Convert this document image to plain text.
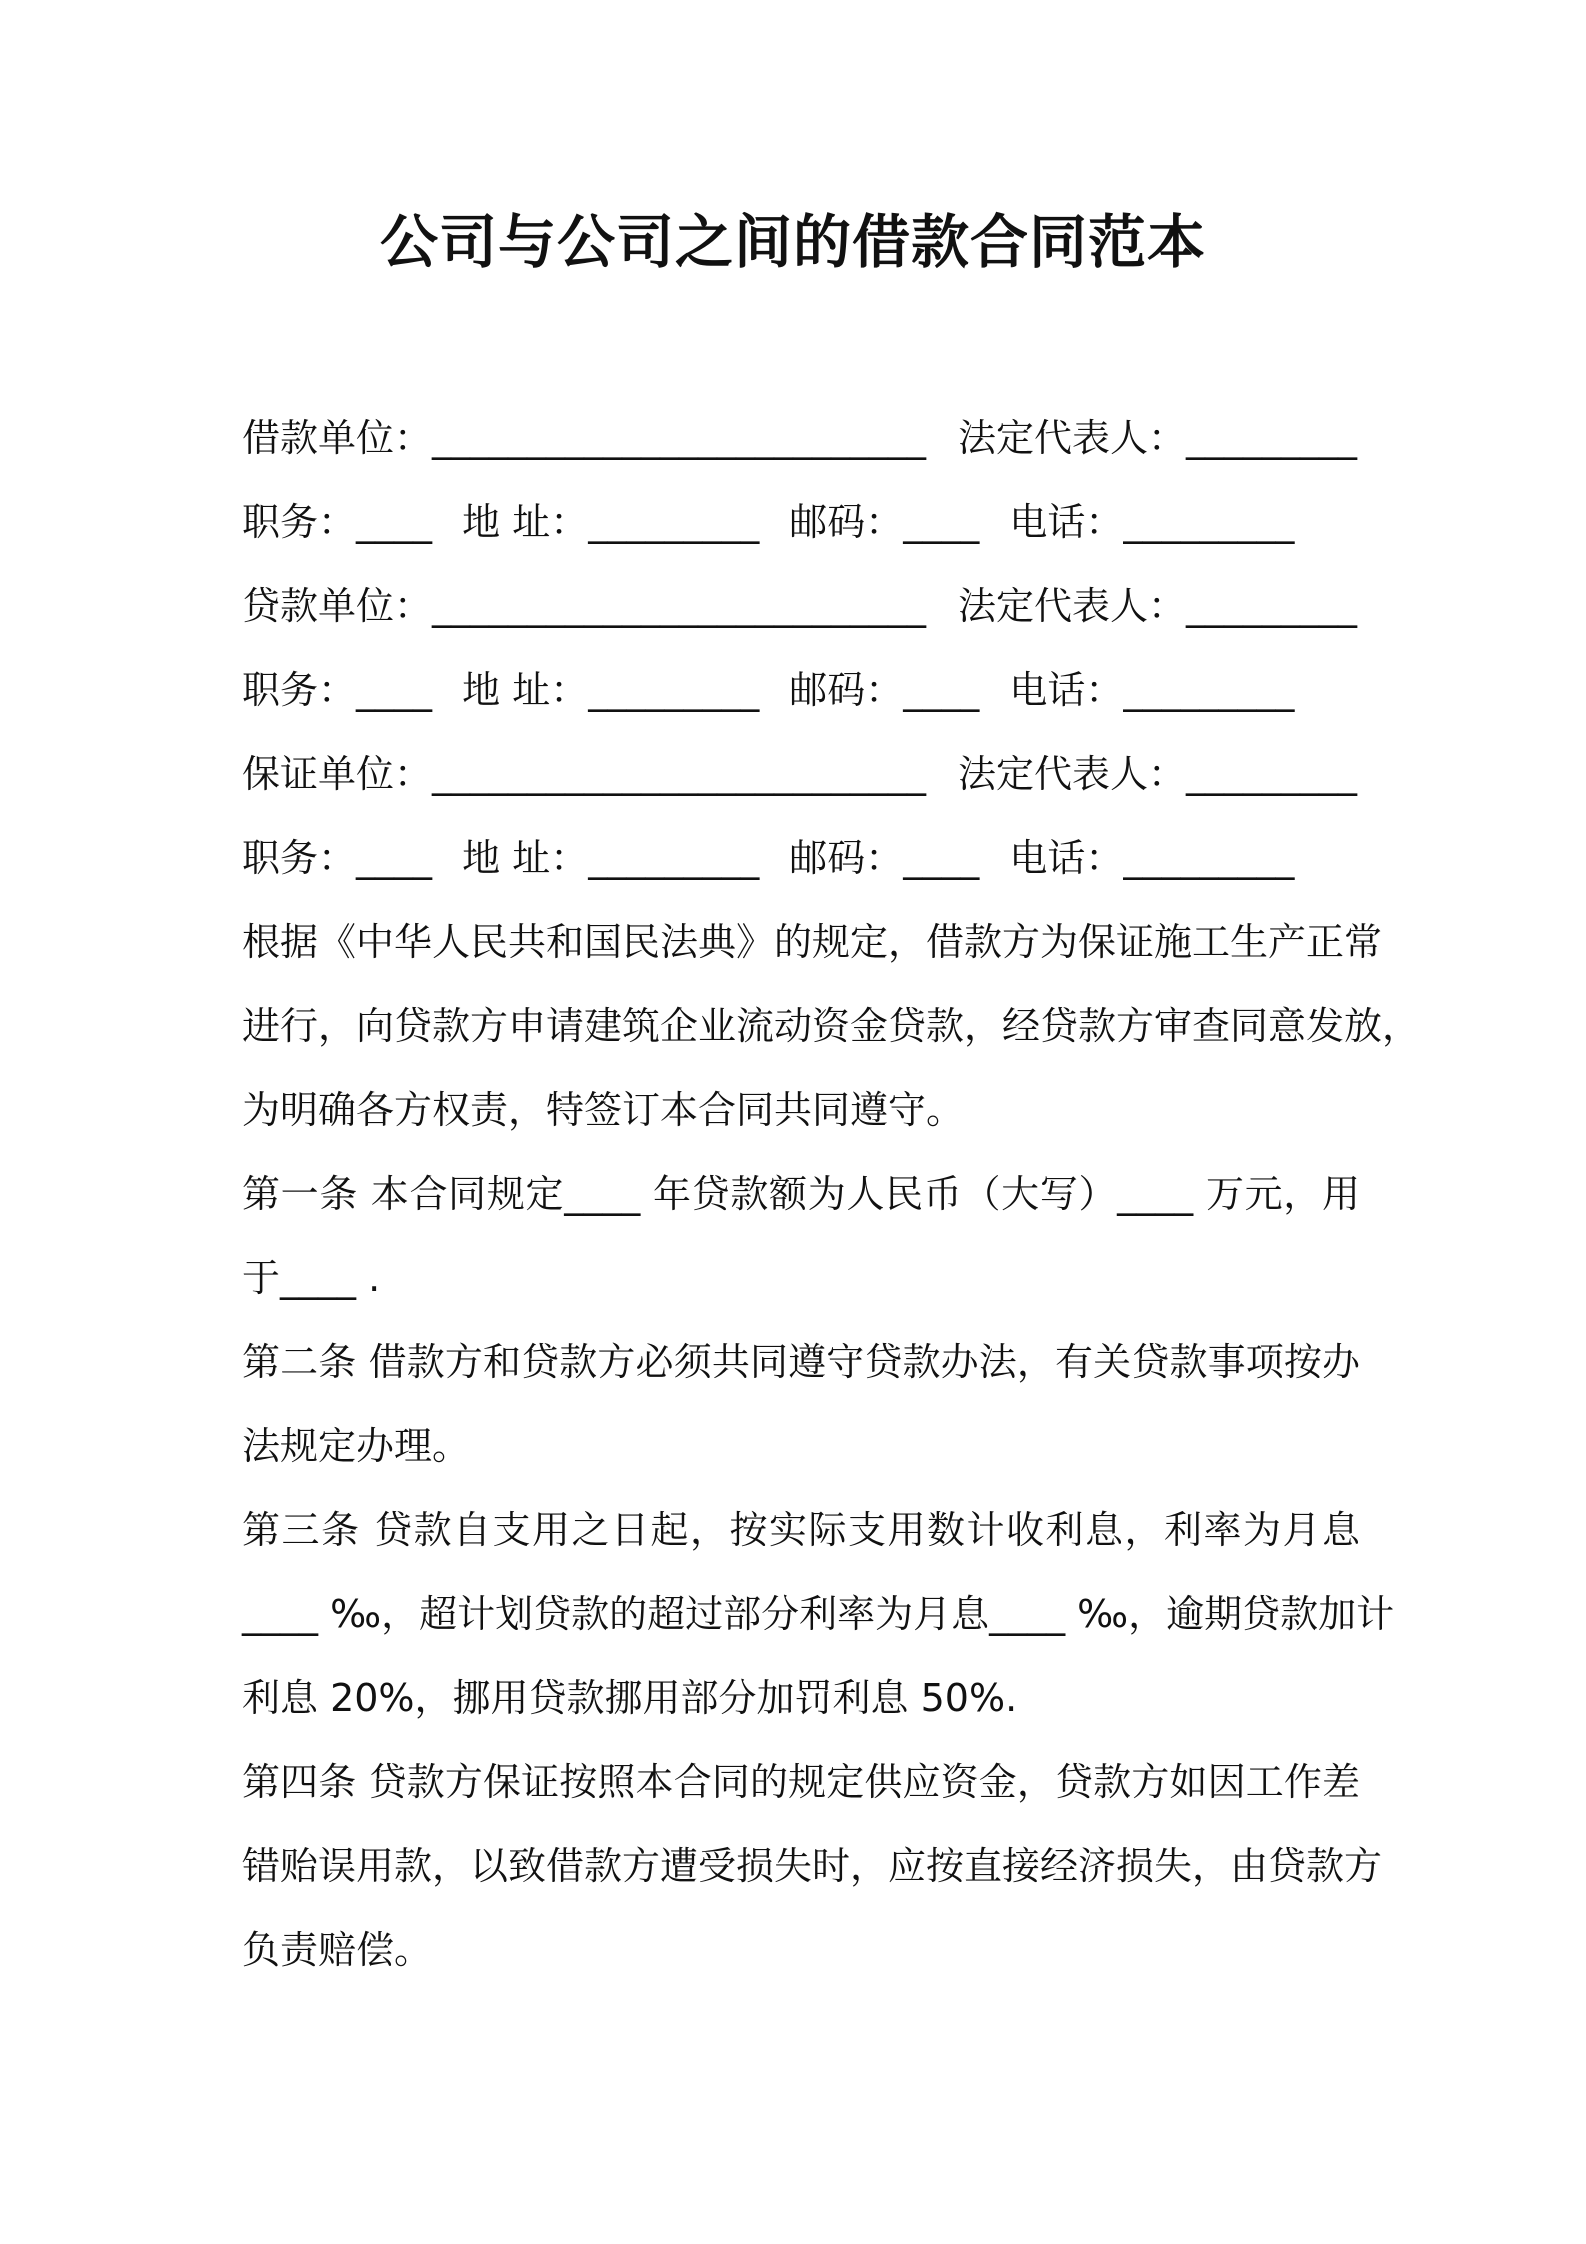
公司与公司之间的借款合同范本
借款单位：__________________________ 法定代表人：_________
职务：____ 地 址：_________ 邮码：____ 电话：_________
贷款单位：__________________________ 法定代表人：_________
职务：____ 地 址：_________ 邮码：____ 电话：_________
保证单位：__________________________ 法定代表人：_________
职务：____ 地 址：_________ 邮码：____ 电话：_________
根据《中华人民共和国民法典》的规定，借款方为保证施工生产正常
进行，向贷款方申请建筑企业流动资金贷款，经贷款方审查同意发放，
为明确各方权责，特签订本合同共同遵守。
第一条 本合同规定____ 年贷款额为人民币（大写）____ 万元，用
于____ .
第二条 借款方和贷款方必须共同遵守贷款办法，有关贷款事项按办
法规定办理。
第三条 贷款自支用之日起，按实际支用数计收利息，利率为月息
____ ‰，超计划贷款的超过部分利率为月息____ ‰，逾期贷款加计
利息 20%，挪用贷款挪用部分加罚利息 50%.
第四条 贷款方保证按照本合同的规定供应资金，贷款方如因工作差
错贻误用款，以致借款方遭受损失时，应按直接经济损失，由贷款方
负责赔偿。
